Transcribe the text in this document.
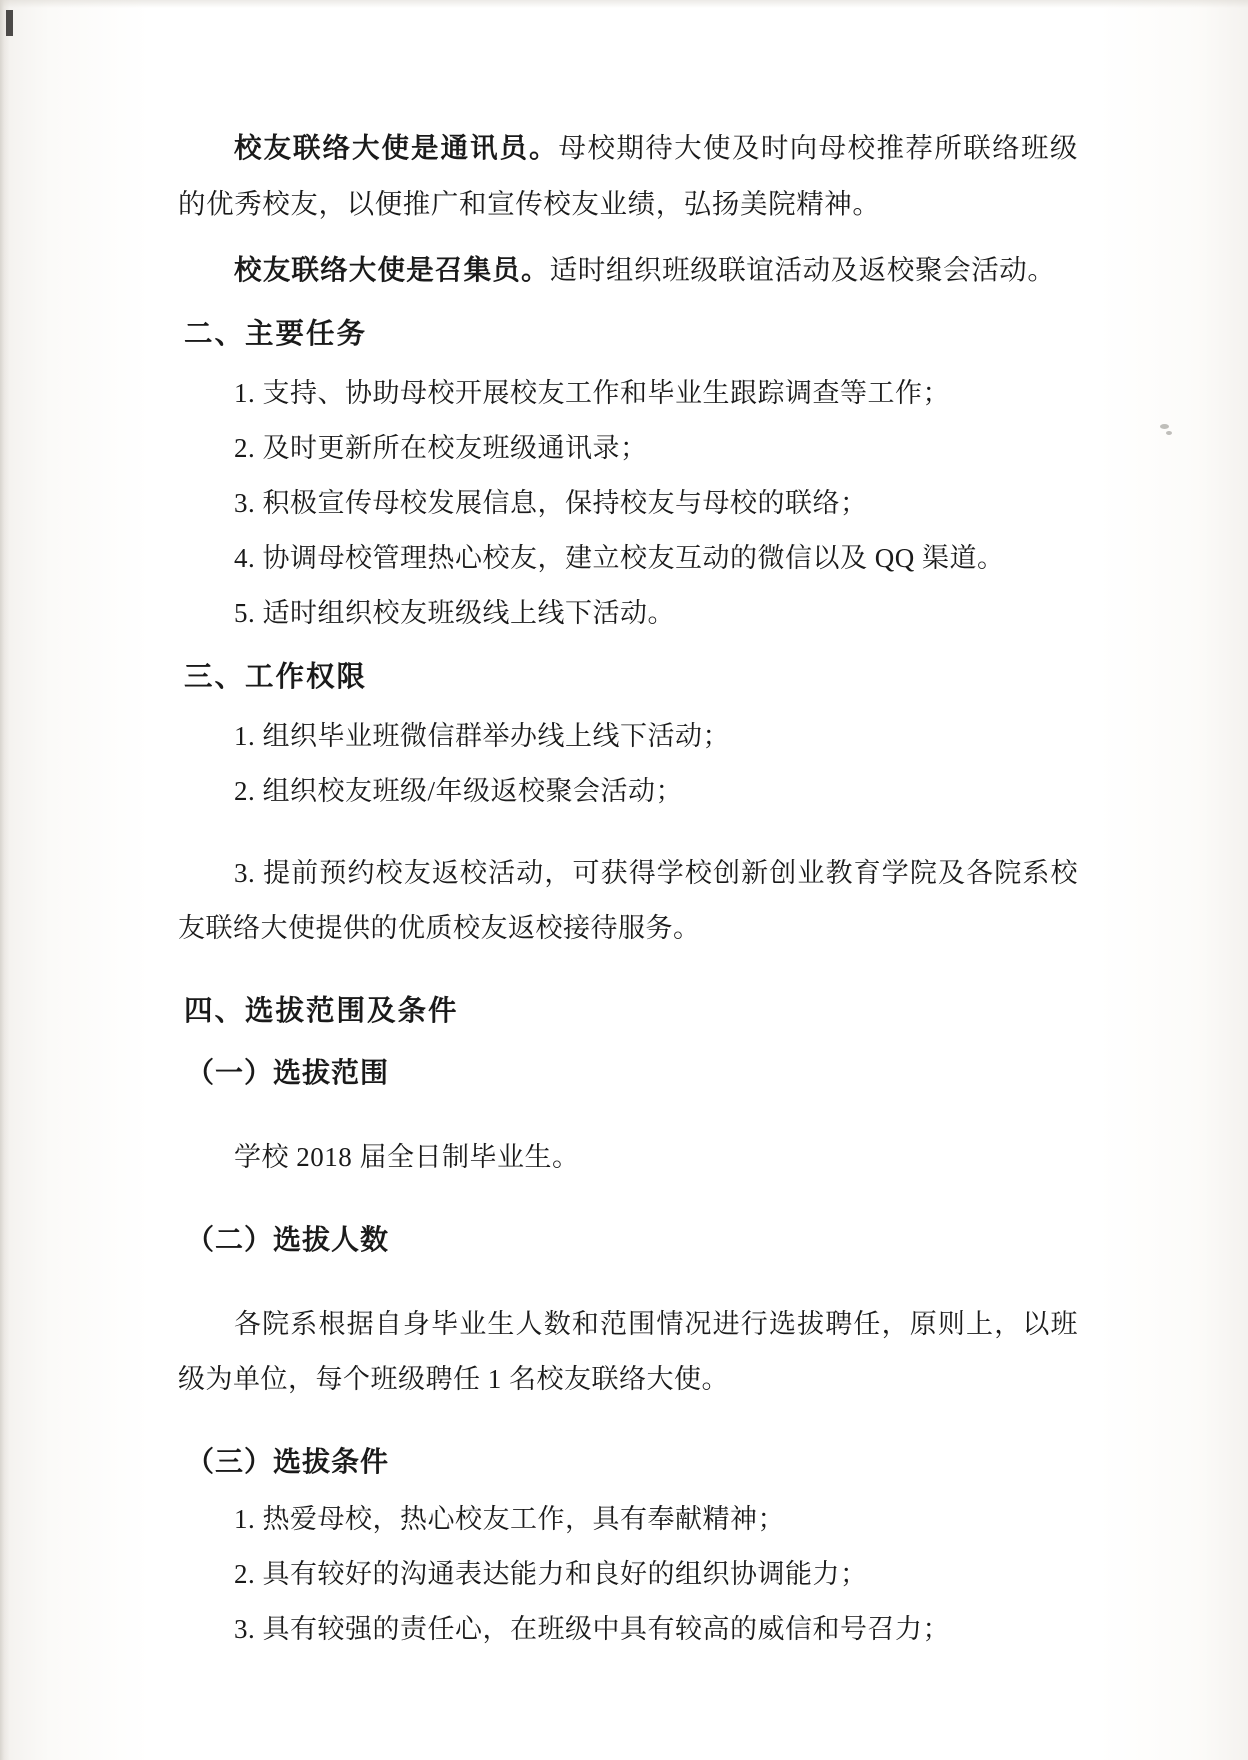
校友联络大使是通讯员。母校期待大使及时向母校推荐所联络班级的优秀校友，以便推广和宣传校友业绩，弘扬美院精神。

校友联络大使是召集员。适时组织班级联谊活动及返校聚会活动。

二、主要任务
1. 支持、协助母校开展校友工作和毕业生跟踪调查等工作；
2. 及时更新所在校友班级通讯录；
3. 积极宣传母校发展信息，保持校友与母校的联络；
4. 协调母校管理热心校友，建立校友互动的微信以及 QQ 渠道。
5. 适时组织校友班级线上线下活动。
三、工作权限
1. 组织毕业班微信群举办线上线下活动；
2. 组织校友班级/年级返校聚会活动；

3. 提前预约校友返校活动，可获得学校创新创业教育学院及各院系校友联络大使提供的优质校友返校接待服务。

四、选拔范围及条件
（一）选拔范围

学校 2018 届全日制毕业生。

（二）选拔人数

各院系根据自身毕业生人数和范围情况进行选拔聘任，原则上，以班级为单位，每个班级聘任 1 名校友联络大使。

（三）选拔条件
1. 热爱母校，热心校友工作，具有奉献精神；
2. 具有较好的沟通表达能力和良好的组织协调能力；
3. 具有较强的责任心，在班级中具有较高的威信和号召力；
